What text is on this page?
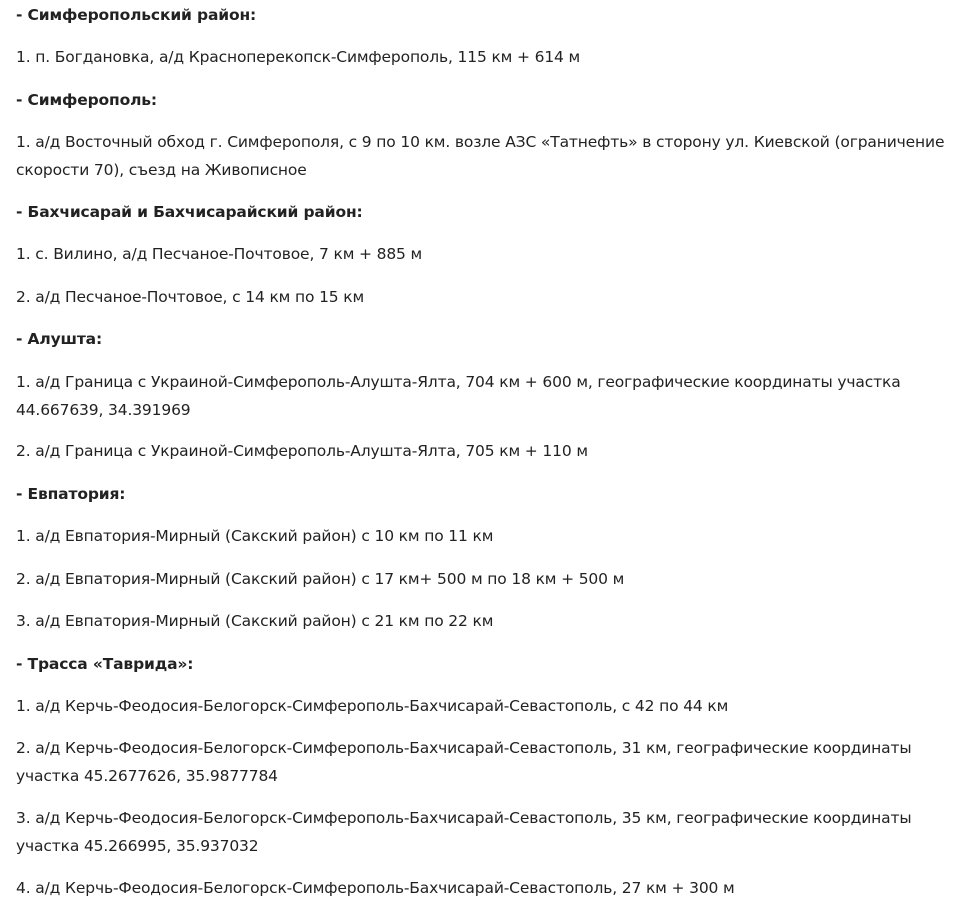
- Симферопольский район:

1. п. Богдановка, а/д Красноперекопск-Симферополь, 115 км + 614 м

- Симферополь:

1. а/д Восточный обход г. Симферополя, с 9 по 10 км. возле АЗС «Татнефть» в сторону ул. Киевской (ограничение скорости 70), съезд на Живописное

- Бахчисарай и Бахчисарайский район:

1. с. Вилино, а/д Песчаное-Почтовое, 7 км + 885 м

2. а/д Песчаное-Почтовое, с 14 км по 15 км

- Алушта:

1. а/д Граница с Украиной-Симферополь-Алушта-Ялта, 704 км + 600 м, географические координаты участка 44.667639, 34.391969

2. а/д Граница с Украиной-Симферополь-Алушта-Ялта, 705 км + 110 м

- Евпатория:

1. а/д Евпатория-Мирный (Сакский район) с 10 км по 11 км

2. а/д Евпатория-Мирный (Сакский район) с 17 км+ 500 м по 18 км + 500 м

3. а/д Евпатория-Мирный (Сакский район) с 21 км по 22 км

- Трасса «Таврида»:

1. а/д Керчь-Феодосия-Белогорск-Симферополь-Бахчисарай-Севастополь, с 42 по 44 км

2. а/д Керчь-Феодосия-Белогорск-Симферополь-Бахчисарай-Севастополь, 31 км, географические координаты участка 45.2677626, 35.9877784

3. а/д Керчь-Феодосия-Белогорск-Симферополь-Бахчисарай-Севастополь, 35 км, географические координаты участка 45.266995, 35.937032

4. а/д Керчь-Феодосия-Белогорск-Симферополь-Бахчисарай-Севастополь, 27 км + 300 м
